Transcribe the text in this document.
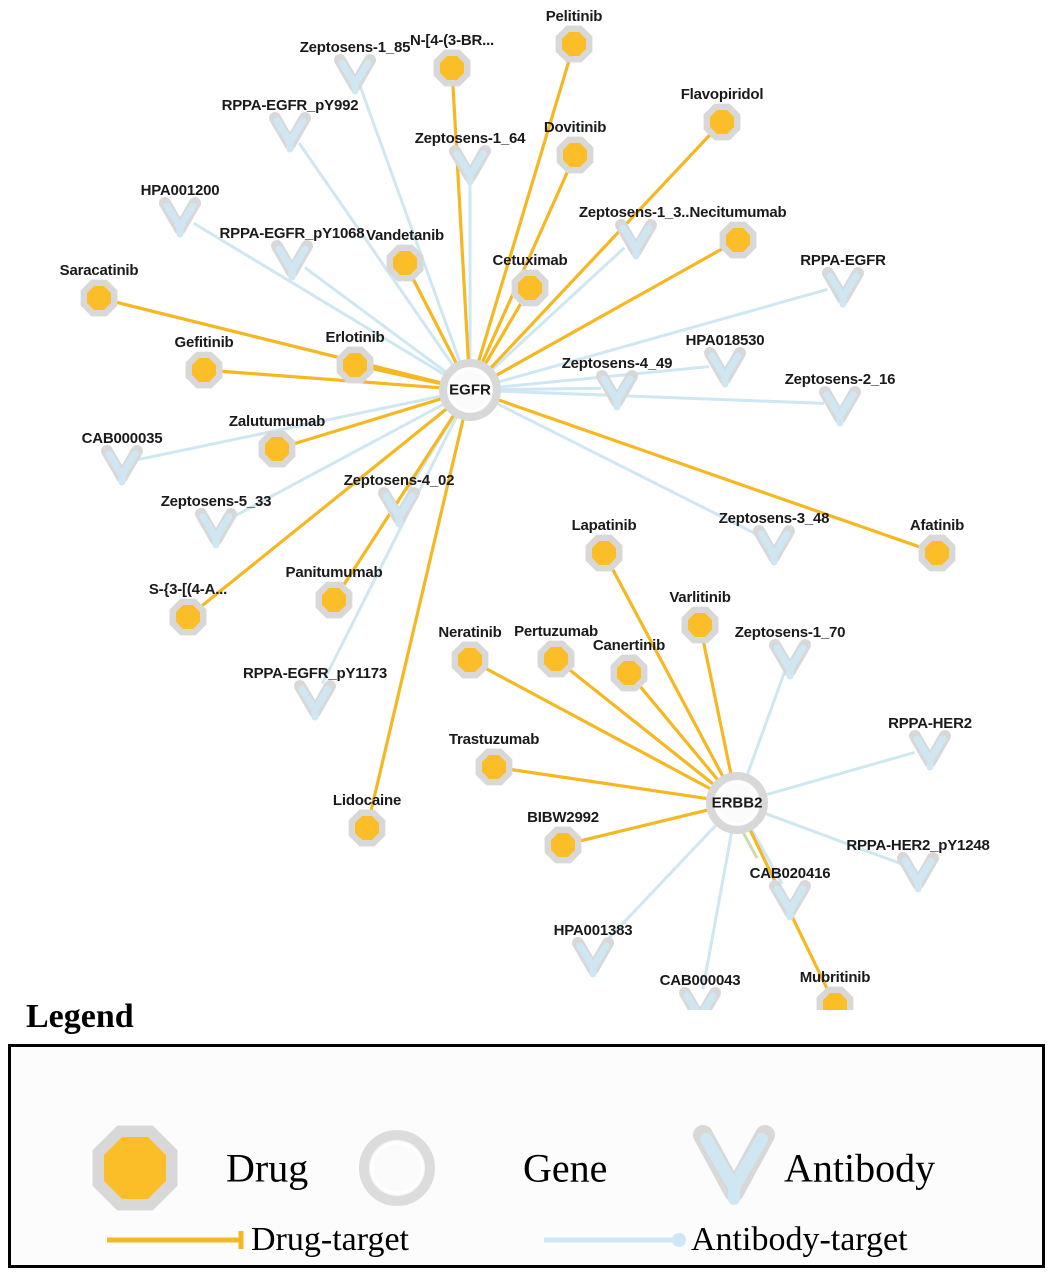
Zeptosens-1_85
RPPA-EGFR_pY992
Zeptosens-1_64
HPA001200
Zeptosens-1_3...
RPPA-EGFR_pY1068
RPPA-EGFR
HPA018530
Zeptosens-4_49
Zeptosens-2_16
CAB000035
Zeptosens-5_33
Zeptosens-4_02
Zeptosens-3_48
Zeptosens-1_70
RPPA-EGFR_pY1173
RPPA-HER2
RPPA-HER2_pY1248
CAB020416
HPA001383
CAB000043
Pelitinib
N-[4-(3-BR...
Flavopiridol
Dovitinib
Necitumumab
Vandetanib
Cetuximab
Saracatinib
Gefitinib	Erlotinib
Zalutumumab
Afatinib
Lapatinib
Varlitinib
Panitumumab
S-{3-[(4-A...
Neratinib Pertuzumab
Canertinib
Trastuzumab
Lidocaine
BIBW2992
Mubritinib
EGFR
ERBB2
Legend
Drug	Gene	Antibody
Drug-target	Antibody-target
